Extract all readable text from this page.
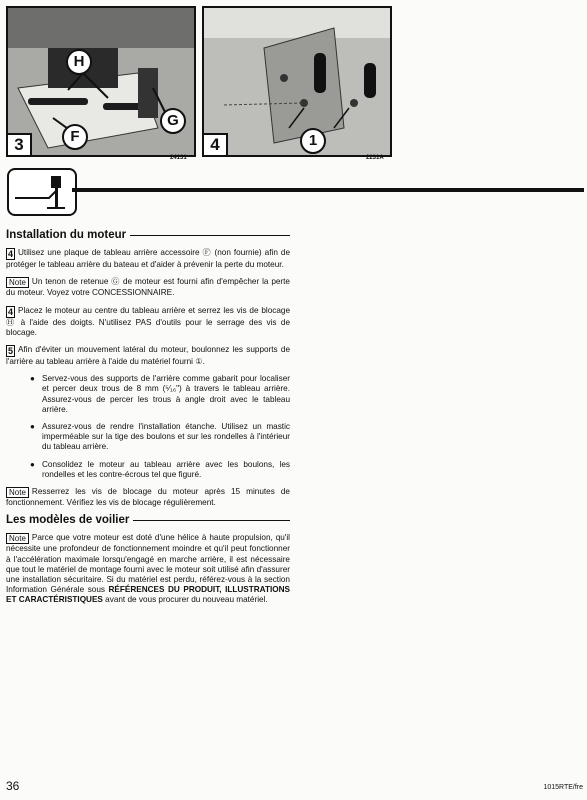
3
H
F
G
24131
4	1
2231A
Installation du moteur

4 Utilisez une plaque de tableau arrière accessoire Ⓕ (non fournie) afin de protéger le tableau arrière du bateau et d'aider à prévenir la perte du moteur.

Note Un tenon de retenue Ⓖ de moteur est fourni afin d'empêcher la perte du moteur. Voyez votre CONCESSIONNAIRE.

4 Placez le moteur au centre du tableau arrière et serrez les vis de blocage Ⓗ à l'aide des doigts. N'utilisez PAS d'outils pour le serrage des vis de blocage.

5 Afin d'éviter un mouvement latéral du moteur, boulonnez les supports de l'arrière au tableau arrière à l'aide du matériel fourni ①.

● Servez-vous des supports de l'arrière comme gabarit pour localiser et percer deux trous de 8 mm (⁵⁄₁₆") à travers le tableau arrière. Assurez-vous de percer les trous à angle droit avec le tableau arrière.
● Assurez-vous de rendre l'installation étanche. Utilisez un mastic imperméable sur la tige des boulons et sur les rondelles à l'intérieur du tableau arrière.
● Consolidez le moteur au tableau arrière avec les boulons, les rondelles et les contre-écrous tel que figuré.

Note Resserrez les vis de blocage du moteur après 15 minutes de fonctionnement. Vérifiez les vis de blocage régulièrement.

Les modèles de voilier

Note Parce que votre moteur est doté d'une hélice à haute propulsion, qu'il nécessite une profondeur de fonctionnement moindre et qu'il peut fonctionner à l'accélération maximale lorsqu'engagé en marche arrière, il est nécessaire que tout le matériel de montage fourni avec le moteur soit utilisé afin d'assurer une installation sécuritaire. Si du matériel est perdu, référez-vous à la section Information Générale sous RÉFÉRENCES DU PRODUIT, ILLUSTRATIONS ET CARACTÉRISTIQUES avant de vous procurer du nouveau matériel.

36	1015RTE/fre
